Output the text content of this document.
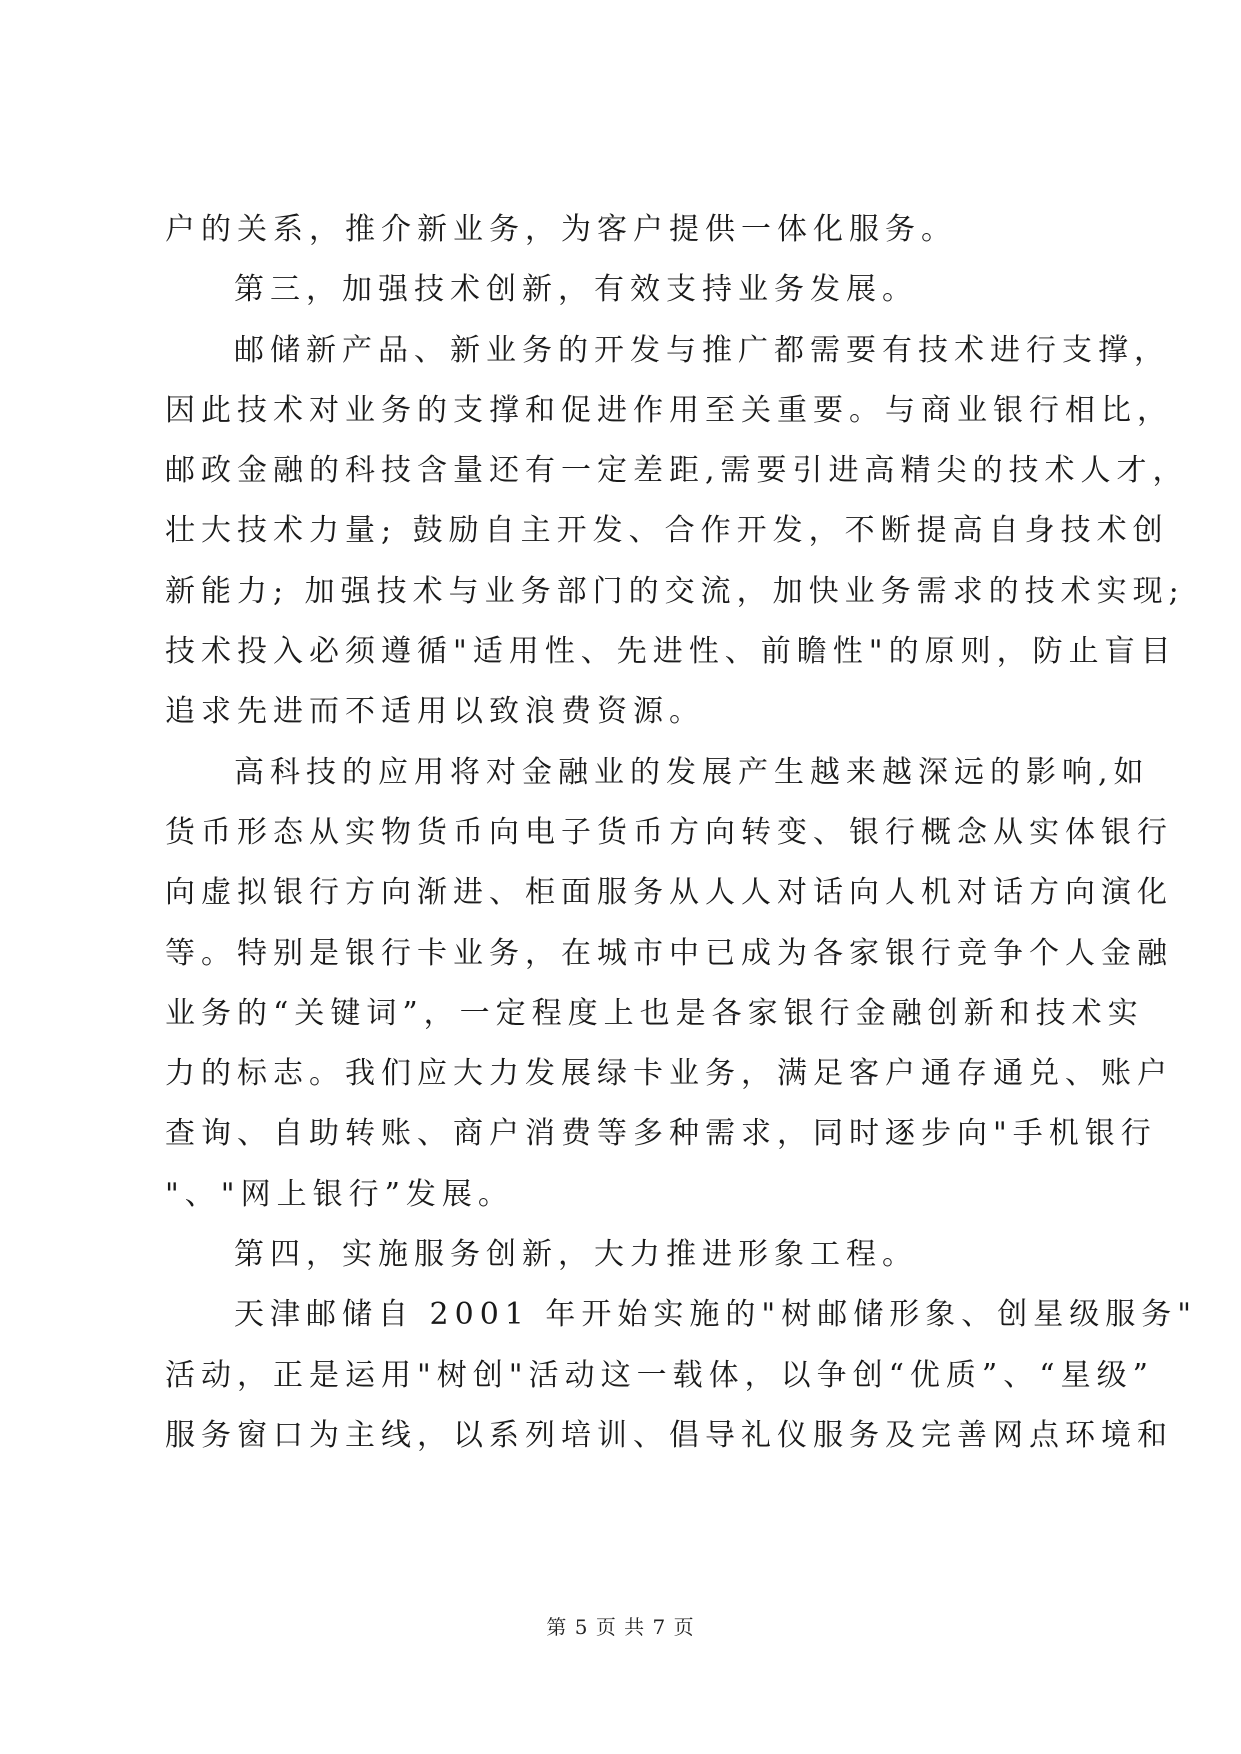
户的关系，推介新业务，为客户提供一体化服务。
第三，加强技术创新，有效支持业务发展。
邮储新产品、新业务的开发与推广都需要有技术进行支撑，
因此技术对业务的支撑和促进作用至关重要。与商业银行相比，
邮政金融的科技含量还有一定差距,需要引进高精尖的技术人才，
壮大技术力量; 鼓励自主开发、合作开发，不断提高自身技术创
新能力; 加强技术与业务部门的交流，加快业务需求的技术实现;
技术投入必须遵循"适用性、先进性、前瞻性"的原则，防止盲目
追求先进而不适用以致浪费资源。
高科技的应用将对金融业的发展产生越来越深远的影响,如
货币形态从实物货币向电子货币方向转变、银行概念从实体银行
向虚拟银行方向渐进、柜面服务从人人对话向人机对话方向演化
等。特别是银行卡业务，在城市中已成为各家银行竞争个人金融
业务的“关键词”，一定程度上也是各家银行金融创新和技术实
力的标志。我们应大力发展绿卡业务，满足客户通存通兑、账户
查询、自助转账、商户消费等多种需求，同时逐步向"手机银行
"、"网上银行”发展。
第四，实施服务创新，大力推进形象工程。
天津邮储自 2001 年开始实施的"树邮储形象、创星级服务"
活动，正是运用"树创"活动这一载体，以争创“优质”、“星级”
服务窗口为主线，以系列培训、倡导礼仪服务及完善网点环境和
第 5 页 共 7 页
